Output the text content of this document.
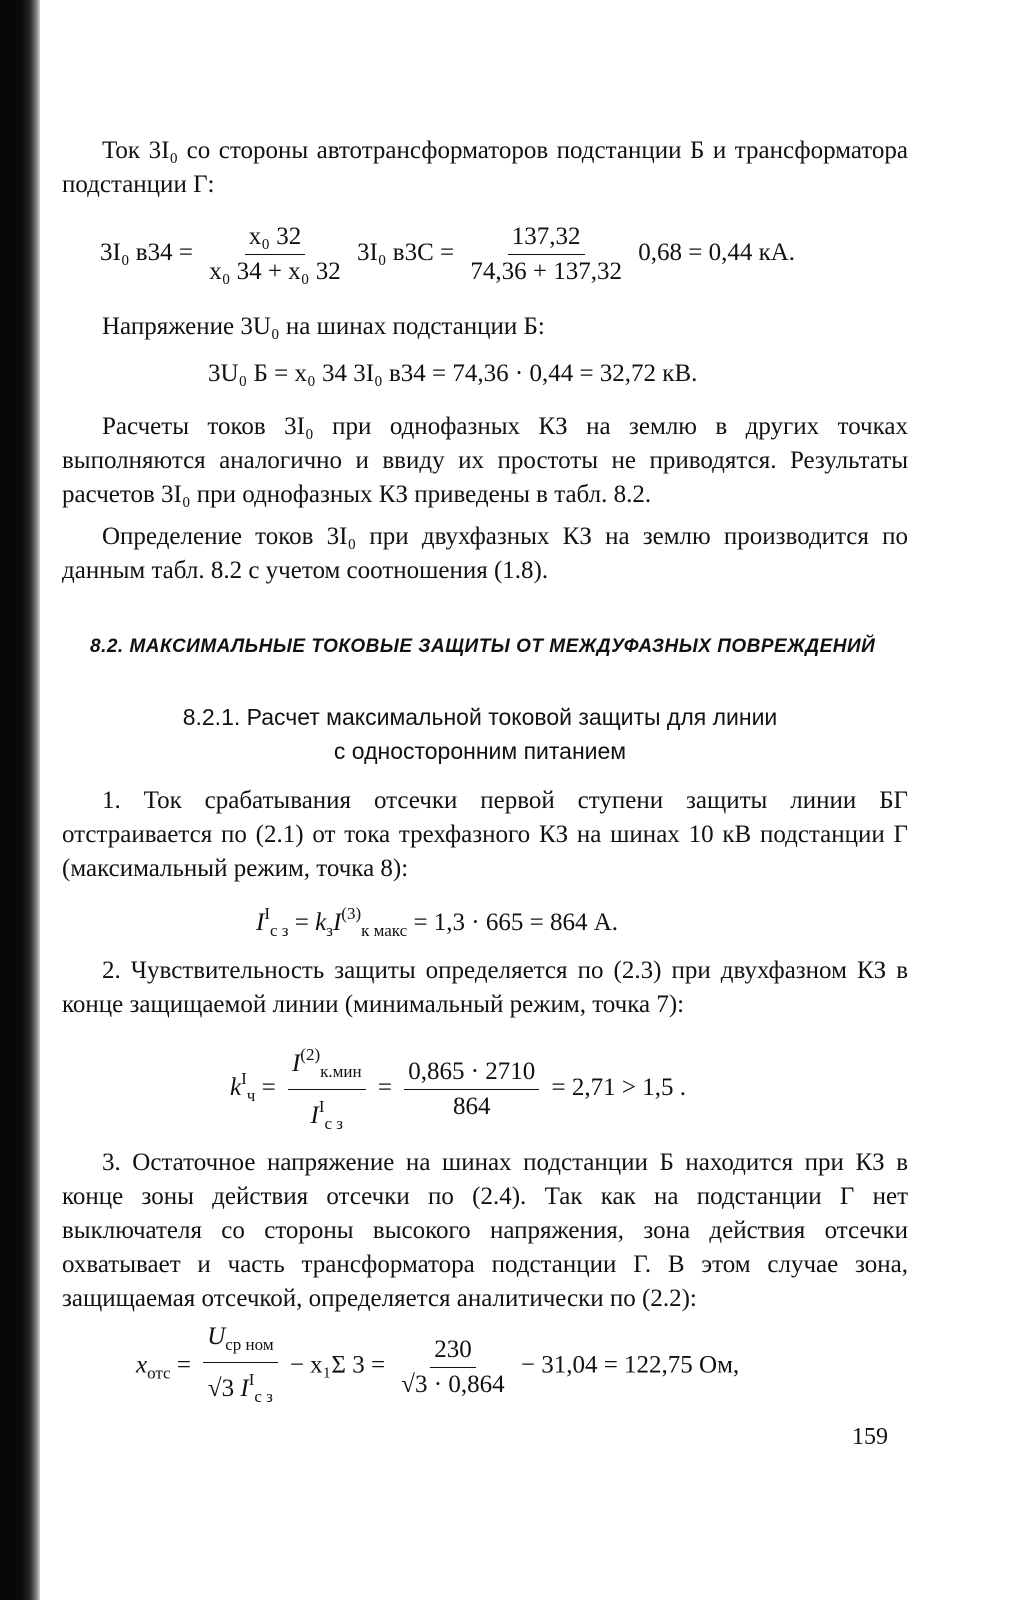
Ток 3I₀ со стороны автотрансформаторов подстанции Б и трансформатора подстанции Г:

3I₀ $в34 = \frac{\text{x₀ 32}}{\text{x₀ 34 + x₀ 32}} 3I_0$ $в3С = \frac{137,32}{74,36 + 137,32} 0,68 = 0,44$ кА.

Напряжение 3U₀ на шинах подстанции Б:

3U₀ Б = x₀ 34 3I₀ в34 = 74,36 · 0,44 = 32,72 кВ.

Расчеты токов 3I₀ при однофазных КЗ на землю в других точках выполняются аналогично и ввиду их простоты не приводятся. Результаты расчетов 3I₀ при однофазных КЗ приведены в табл. 8.2.

Определение токов 3I₀ при двухфазных КЗ на землю производится по данным табл. 8.2 с учетом соотношения (1.8).

8.2. МАКСИМАЛЬНЫЕ ТОКОВЫЕ ЗАЩИТЫ ОТ МЕЖДУФАЗНЫХ ПОВРЕЖДЕНИЙ
8.2.1. Расчет максимальной токовой защиты для линии
с односторонним питанием

1. Ток срабатывания отсечки первой ступени защиты линии БГ отстраивается по (2.1) от тока трехфазного КЗ на шинах 10 кВ подстанции Г (максимальный режим, точка 8):

$I^I_{с з} = k_зI^{(3)}_{к макс} = 1,3 \cdot 665 = 864$ А.

2. Чувствительность защиты определяется по (2.3) при двухфазном КЗ в конце защищаемой линии (минимальный режим, точка 7):

$k^I_ч = \frac{I^{(2)}_{к.мин}}{I^I_{с з}} = \frac{0,865 \cdot 2710}{864} = 2,71 > 1,5$ .

3. Остаточное напряжение на шинах подстанции Б находится при КЗ в конце зоны действия отсечки по (2.4). Так как на подстанции Г нет выключателя со стороны высокого напряжения, зона действия отсечки охватывает и часть трансформатора подстанции Г. В этом случае зона, защищаемая отсечкой, определяется аналитически по (2.2):

$x_{отс} = \frac{U_{ср ном}}{√3 I^I_{с з}} - x_1\Sigma$ $3 = \frac{230}{√3 \cdot 0,864} - 31,04 = 122,75$ Ом,
159
